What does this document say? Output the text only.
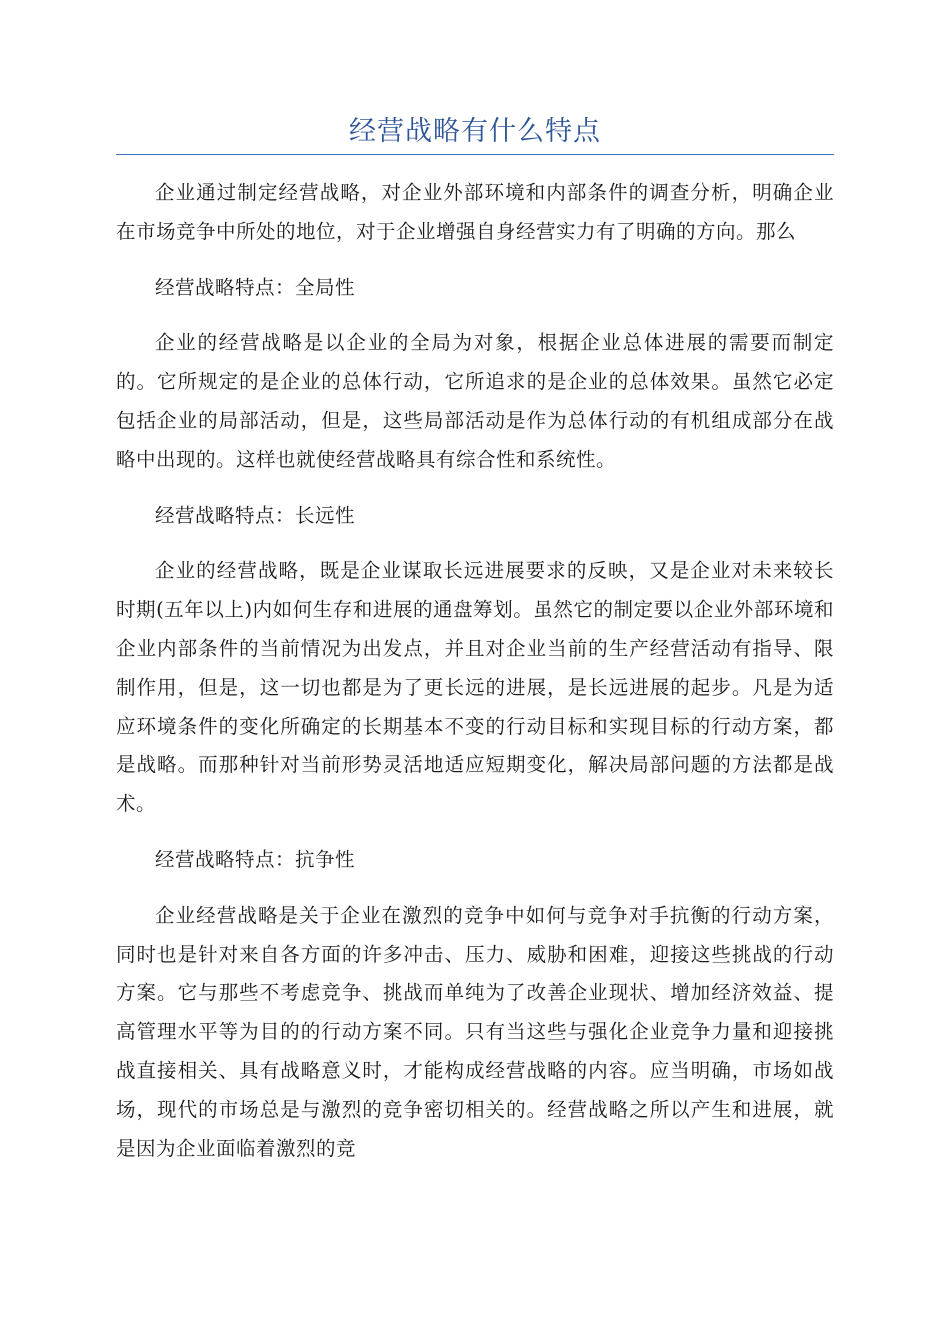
经营战略有什么特点

企业通过制定经营战略，对企业外部环境和内部条件的调查分析，明确企业在市场竞争中所处的地位，对于企业增强自身经营实力有了明确的方向。那么

经营战略特点：全局性

企业的经营战略是以企业的全局为对象，根据企业总体进展的需要而制定的。它所规定的是企业的总体行动，它所追求的是企业的总体效果。虽然它必定包括企业的局部活动，但是，这些局部活动是作为总体行动的有机组成部分在战略中出现的。这样也就使经营战略具有综合性和系统性。

经营战略特点：长远性

企业的经营战略，既是企业谋取长远进展要求的反映，又是企业对未来较长时期(五年以上)内如何生存和进展的通盘筹划。虽然它的制定要以企业外部环境和企业内部条件的当前情况为出发点，并且对企业当前的生产经营活动有指导、限制作用，但是，这一切也都是为了更长远的进展，是长远进展的起步。凡是为适应环境条件的变化所确定的长期基本不变的行动目标和实现目标的行动方案，都是战略。而那种针对当前形势灵活地适应短期变化，解决局部问题的方法都是战术。

经营战略特点：抗争性

企业经营战略是关于企业在激烈的竞争中如何与竞争对手抗衡的行动方案，同时也是针对来自各方面的许多冲击、压力、威胁和困难，迎接这些挑战的行动方案。它与那些不考虑竞争、挑战而单纯为了改善企业现状、增加经济效益、提高管理水平等为目的的行动方案不同。只有当这些与强化企业竞争力量和迎接挑战直接相关、具有战略意义时，才能构成经营战略的内容。应当明确，市场如战场，现代的市场总是与激烈的竞争密切相关的。经营战略之所以产生和进展，就是因为企业面临着激烈的竞
